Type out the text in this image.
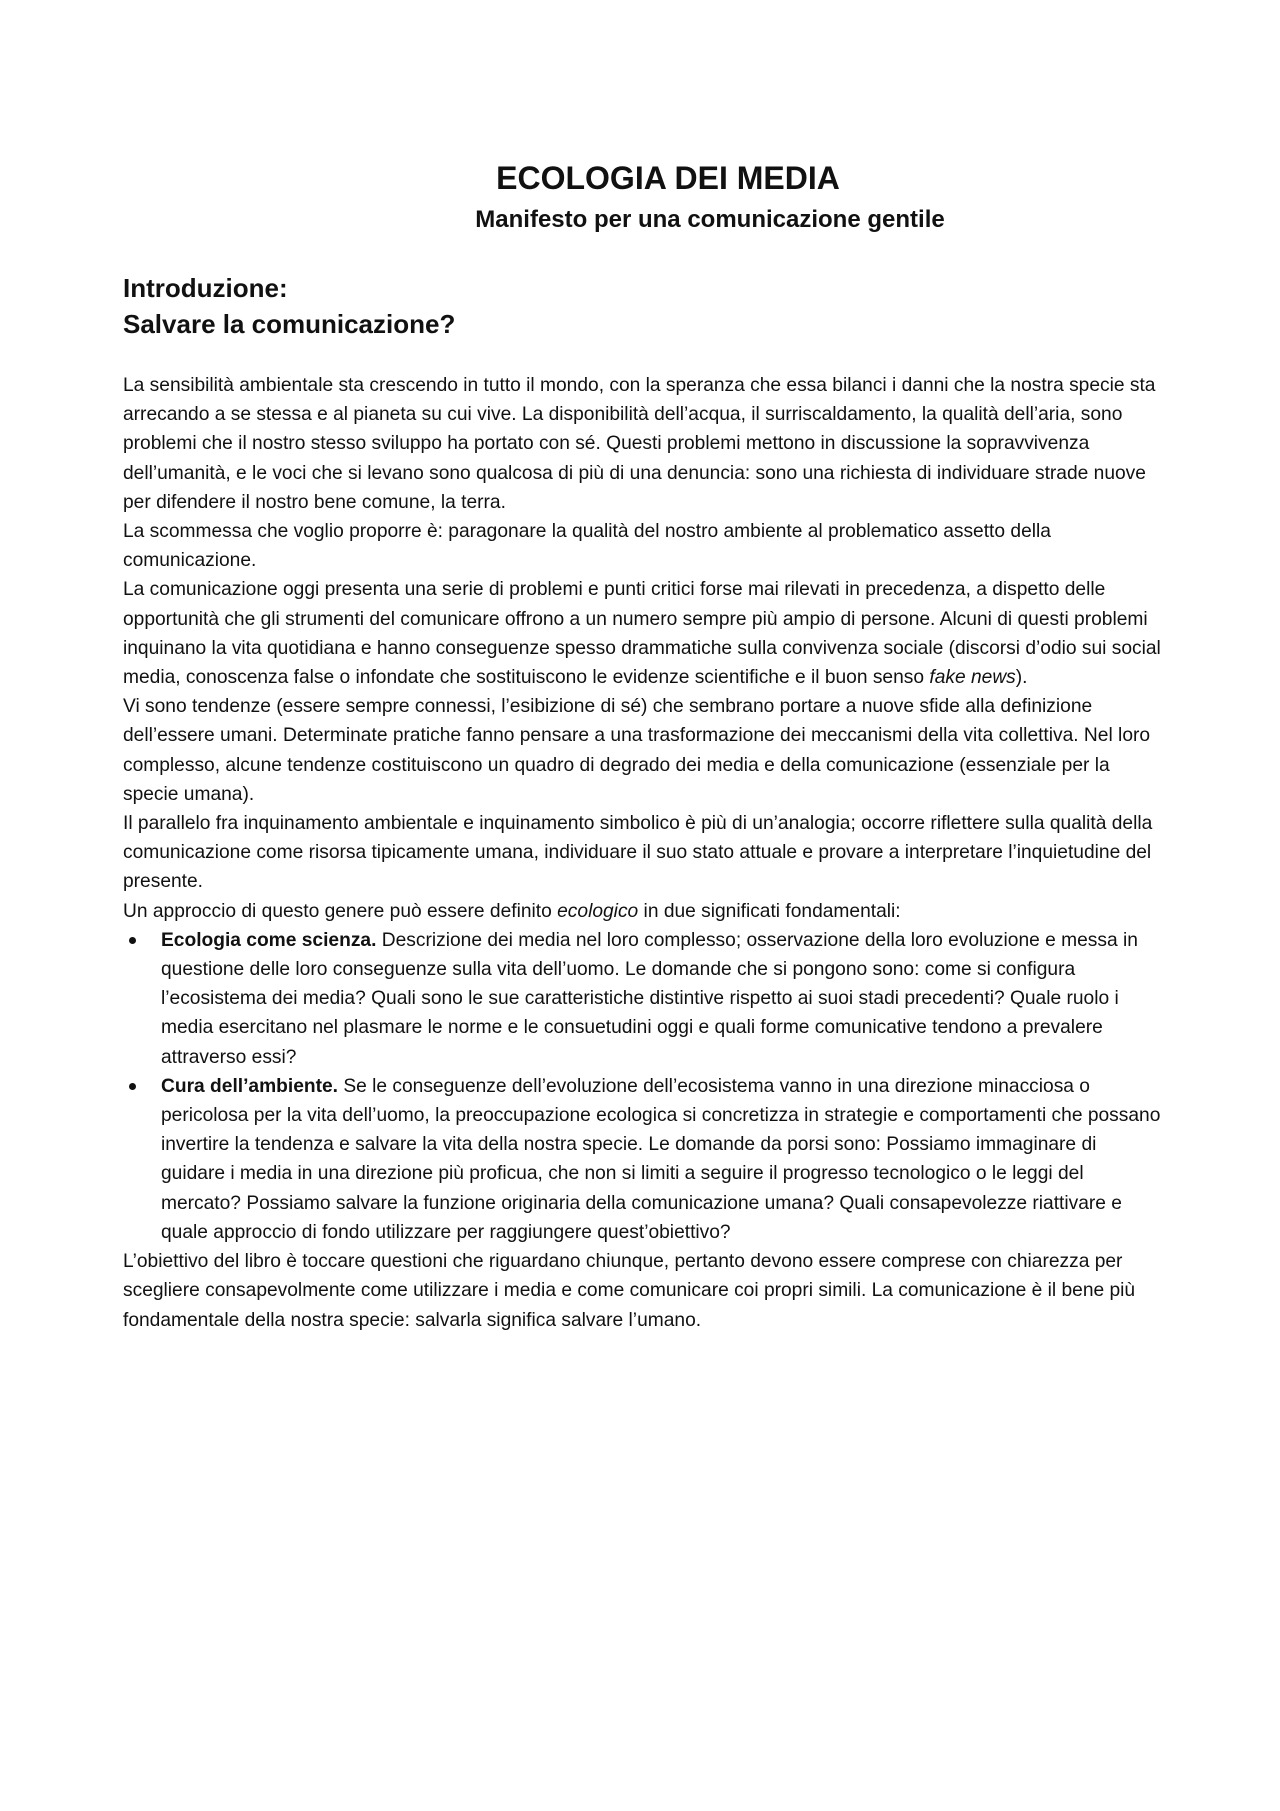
ECOLOGIA DEI MEDIA
Manifesto per una comunicazione gentile
Introduzione:
Salvare la comunicazione?

La sensibilità ambientale sta crescendo in tutto il mondo, con la speranza che essa bilanci i danni che la nostra specie sta arrecando a se stessa e al pianeta su cui vive. La disponibilità dell’acqua, il surriscaldamento, la qualità dell’aria, sono problemi che il nostro stesso sviluppo ha portato con sé. Questi problemi mettono in discussione la sopravvivenza dell’umanità, e le voci che si levano sono qualcosa di più di una denuncia: sono una richiesta di individuare strade nuove per difendere il nostro bene comune, la terra.

La scommessa che voglio proporre è: paragonare la qualità del nostro ambiente al problematico assetto della comunicazione.

La comunicazione oggi presenta una serie di problemi e punti critici forse mai rilevati in precedenza, a dispetto delle opportunità che gli strumenti del comunicare offrono a un numero sempre più ampio di persone. Alcuni di questi problemi inquinano la vita quotidiana e hanno conseguenze spesso drammatiche sulla convivenza sociale (discorsi d’odio sui social media, conoscenza false o infondate che sostituiscono le evidenze scientifiche e il buon senso fake news).

Vi sono tendenze (essere sempre connessi, l’esibizione di sé) che sembrano portare a nuove sfide alla definizione dell’essere umani. Determinate pratiche fanno pensare a una trasformazione dei meccanismi della vita collettiva. Nel loro complesso, alcune tendenze costituiscono un quadro di degrado dei media e della comunicazione (essenziale per la specie umana).

Il parallelo fra inquinamento ambientale e inquinamento simbolico è più di un’analogia; occorre riflettere sulla qualità della comunicazione come risorsa tipicamente umana, individuare il suo stato attuale e provare a interpretare l’inquietudine del presente.

Un approccio di questo genere può essere definito ecologico in due significati fondamentali:

Ecologia come scienza. Descrizione dei media nel loro complesso; osservazione della loro evoluzione e messa in questione delle loro conseguenze sulla vita dell’uomo. Le domande che si pongono sono: come si configura l’ecosistema dei media? Quali sono le sue caratteristiche distintive rispetto ai suoi stadi precedenti? Quale ruolo i media esercitano nel plasmare le norme e le consuetudini oggi e quali forme comunicative tendono a prevalere attraverso essi?
Cura dell’ambiente. Se le conseguenze dell’evoluzione dell’ecosistema vanno in una direzione minacciosa o pericolosa per la vita dell’uomo, la preoccupazione ecologica si concretizza in strategie e comportamenti che possano invertire la tendenza e salvare la vita della nostra specie. Le domande da porsi sono: Possiamo immaginare di guidare i media in una direzione più proficua, che non si limiti a seguire il progresso tecnologico o le leggi del mercato? Possiamo salvare la funzione originaria della comunicazione umana? Quali consapevolezze riattivare e quale approccio di fondo utilizzare per raggiungere quest’obiettivo?

L’obiettivo del libro è toccare questioni che riguardano chiunque, pertanto devono essere comprese con chiarezza per scegliere consapevolmente come utilizzare i media e come comunicare coi propri simili. La comunicazione è il bene più fondamentale della nostra specie: salvarla significa salvare l’umano.
